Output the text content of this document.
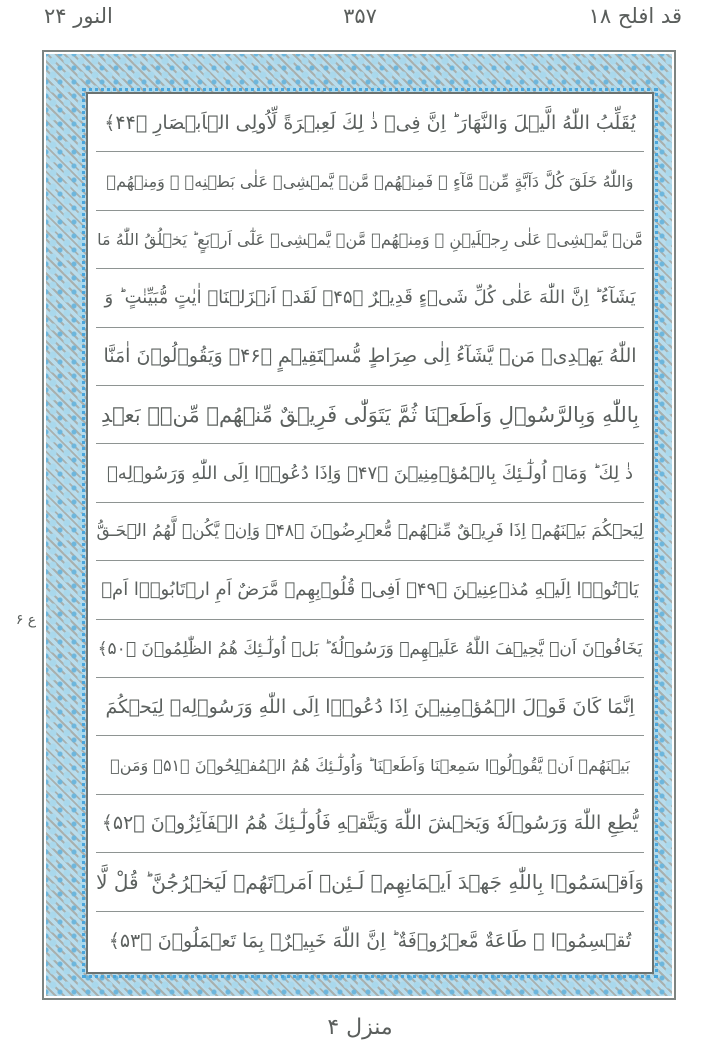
قد افلح ۱۸
۳۵۷
النور ۲۴
ع ۶
يُقَلِّبُ اللّٰهُ الَّيۡلَ وَالنَّهَارَ ؕ اِنَّ فِىۡ ذٰ لِكَ لَعِبۡرَةً لِّاُولِى الۡاَبۡصَارِ ﴿۴۴﴾
وَاللّٰهُ خَلَقَ كُلَّ دَآبَّةٍ مِّنۡ مَّآءٍ‌ ۚ فَمِنۡهُمۡ مَّنۡ يَّمۡشِىۡ عَلٰى بَطۡنِهٖ‌ ۚ وَمِنۡهُمۡ
مَّنۡ يَّمۡشِىۡ عَلٰى رِجۡلَيۡنِ‌ ۚ وَمِنۡهُمۡ مَّنۡ يَّمۡشِىۡ عَلٰٓى اَرۡبَعٍ‌ ؕ يَخۡلُقُ اللّٰهُ مَا
يَشَآءُ ‌ؕ اِنَّ اللّٰهَ عَلٰى كُلِّ شَىۡءٍ قَدِيۡرٌ ﴿۴۵﴾ لَقَدۡ اَنۡزَلۡنَاۤ اٰيٰتٍ مُّبَيِّنٰتٍ‌ ؕ وَ
اللّٰهُ يَهۡدِىۡ مَنۡ يَّشَآءُ اِلٰى صِرَاطٍ مُّسۡتَقِيۡمٍ ﴿۴۶﴾ وَيَقُوۡلُوۡنَ اٰمَنَّا
بِاللّٰهِ وَبِالرَّسُوۡلِ وَاَطَعۡنَا ثُمَّ يَتَوَلّٰى فَرِيۡقٌ مِّنۡهُمۡ مِّنۡۢ بَعۡدِ
ذٰ لِكَ‌ ؕ وَمَاۤ اُولٰٓـئِكَ بِالۡمُؤۡمِنِيۡنَ ﴿۴۷﴾ وَاِذَا دُعُوۡۤا اِلَى اللّٰهِ وَرَسُوۡلِهٖ
لِيَحۡكُمَ بَيۡنَهُمۡ اِذَا فَرِيۡقٌ مِّنۡهُمۡ مُّعۡرِضُوۡنَ ﴿۴۸﴾ وَاِنۡ يَّكُنۡ لَّهُمُ الۡحَـقُّ
يَاۡتُوۡۤا اِلَيۡهِ مُذۡعِنِيۡنَ ﴿۴۹﴾ اَفِىۡ قُلُوۡبِهِمۡ مَّرَضٌ اَمِ ارۡتَابُوۡۤا اَمۡ
يَخَافُوۡنَ اَنۡ يَّحِيۡفَ اللّٰهُ عَلَيۡهِمۡ وَرَسُوۡلُهٗ‌ ؕ بَلۡ اُولٰٓـئِكَ هُمُ الظّٰلِمُوۡنَ ﴿۵۰﴾
اِنَّمَا كَانَ قَوۡلَ الۡمُؤۡمِنِيۡنَ اِذَا دُعُوۡۤا اِلَى اللّٰهِ وَرَسُوۡلِهٖ لِيَحۡكُمَ
بَيۡنَهُمۡ اَنۡ يَّقُوۡلُوۡا سَمِعۡنَا وَاَطَعۡنَا‌ ؕ وَاُولٰٓـئِكَ هُمُ الۡمُفۡلِحُوۡنَ ﴿۵۱﴾ وَمَنۡ
يُّطِعِ اللّٰهَ وَرَسُوۡلَهٗ وَيَخۡشَ اللّٰهَ وَيَتَّقۡهِ فَاُولٰٓـئِكَ هُمُ الۡفَآئِزُوۡنَ ﴿۵۲﴾
وَاَقۡسَمُوۡا بِاللّٰهِ جَهۡدَ اَيۡمَانِهِمۡ لَـئِنۡ اَمَرۡتَهُمۡ لَيَخۡرُجُنَّ‌ ؕ قُلْ لَّا
تُقۡسِمُوۡا‌ ۚ طَاعَةٌ مَّعۡرُوۡفَةٌ‌ ؕ اِنَّ اللّٰهَ خَبِيۡرٌۢ بِمَا تَعۡمَلُوۡنَ ﴿۵۳﴾
منزل ۴
